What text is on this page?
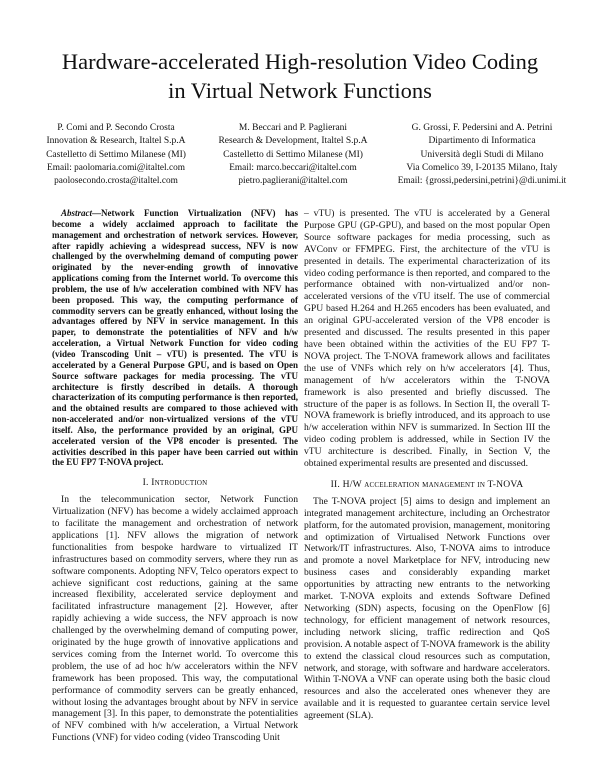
Hardware-accelerated High-resolution Video Coding
in Virtual Network Functions
P. Comi and P. Secondo Crosta
Innovation & Research, Italtel S.p.A
Castelletto di Settimo Milanese (MI)
Email: paolomaria.comi@italtel.com
paolosecondo.crosta@italtel.com
M. Beccari and P. Paglierani
Research & Development, Italtel S.p.A
Castelletto di Settimo Milanese (MI)
Email: marco.beccari@italtel.com
pietro.paglierani@italtel.com
G. Grossi, F. Pedersini and A. Petrini
Dipartimento di Informatica
Università degli Studi di Milano
Via Comelico 39, I-20135 Milano, Italy
Email: {grossi,pedersini,petrini}@di.unimi.it

Abstract—Network Function Virtualization (NFV) has become a widely acclaimed approach to facilitate the management and orchestration of network services. However, after rapidly achieving a widespread success, NFV is now challenged by the overwhelming demand of computing power originated by the never-ending growth of innovative applications coming from the Internet world. To overcome this problem, the use of h/w acceleration combined with NFV has been proposed. This way, the computing performance of commodity servers can be greatly enhanced, without losing the advantages offered by NFV in service management. In this paper, to demonstrate the potentialities of NFV and h/w acceleration, a Virtual Network Function for video coding (video Transcoding Unit – vTU) is presented. The vTU is accelerated by a General Purpose GPU, and is based on Open Source software packages for media processing. The vTU architecture is firstly described in details. A thorough characterization of its computing performance is then reported, and the obtained results are compared to those achieved with non-accelerated and/or non-virtualized versions of the vTU itself. Also, the performance provided by an original, GPU accelerated version of the VP8 encoder is presented. The activities described in this paper have been carried out within the EU FP7 T-NOVA project.

I. Introduction

In the telecommunication sector, Network Function Virtualization (NFV) has become a widely acclaimed approach to facilitate the management and orchestration of network applications [1]. NFV allows the migration of network functionalities from bespoke hardware to virtualized IT infrastructures based on commodity servers, where they run as software components. Adopting NFV, Telco operators expect to achieve significant cost reductions, gaining at the same increased flexibility, accelerated service deployment and facilitated infrastructure management [2]. However, after rapidly achieving a wide success, the NFV approach is now challenged by the overwhelming demand of computing power, originated by the huge growth of innovative applications and services coming from the Internet world. To overcome this problem, the use of ad hoc h/w accelerators within the NFV framework has been proposed. This way, the computational performance of commodity servers can be greatly enhanced, without losing the advantages brought about by NFV in service management [3]. In this paper, to demonstrate the potentialities of NFV combined with h/w acceleration, a Virtual Network Functions (VNF) for video coding (video Transcoding Unit

– vTU) is presented. The vTU is accelerated by a General Purpose GPU (GP-GPU), and based on the most popular Open Source software packages for media processing, such as AVConv or FFMPEG. First, the architecture of the vTU is presented in details. The experimental characterization of its video coding performance is then reported, and compared to the performance obtained with non-virtualized and/or non-accelerated versions of the vTU itself. The use of commercial GPU based H.264 and H.265 encoders has been evaluated, and an original GPU-accelerated version of the VP8 encoder is presented and discussed. The results presented in this paper have been obtained within the activities of the EU FP7 T-NOVA project. The T-NOVA framework allows and facilitates the use of VNFs which rely on h/w accelerators [4]. Thus, management of h/w accelerators within the T-NOVA framework is also presented and briefly discussed. The structure of the paper is as follows. In Section II, the overall T-NOVA framework is briefly introduced, and its approach to use h/w acceleration within NFV is summarized. In Section III the video coding problem is addressed, while in Section IV the vTU architecture is described. Finally, in Section V, the obtained experimental results are presented and discussed.

II. H/W acceleration management in T-NOVA

The T-NOVA project [5] aims to design and implement an integrated management architecture, including an Orchestrator platform, for the automated provision, management, monitoring and optimization of Virtualised Network Functions over Network/IT infrastructures. Also, T-NOVA aims to introduce and promote a novel Marketplace for NFV, introducing new business cases and considerably expanding market opportunities by attracting new entrants to the networking market. T-NOVA exploits and extends Software Defined Networking (SDN) aspects, focusing on the OpenFlow [6] technology, for efficient management of network resources, including network slicing, traffic redirection and QoS provision. A notable aspect of T-NOVA framework is the ability to extend the classical cloud resources such as computation, network, and storage, with software and hardware accelerators. Within T-NOVA a VNF can operate using both the basic cloud resources and also the accelerated ones whenever they are available and it is requested to guarantee certain service level agreement (SLA).
